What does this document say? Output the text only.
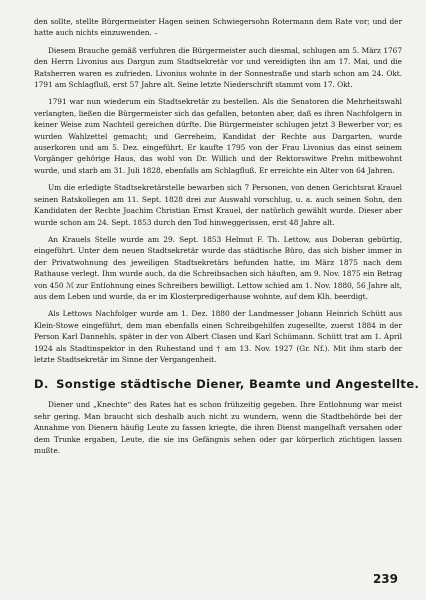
den sollte, stellte Bürgermeister Hagen seinen Schwiegersohn Rotermann dem Rate vor; und der hatte auch nichts einzuwenden. –

Diesem Brauche gemäß verfuhren die Bürgermeister auch diesmal, schlugen am 5. März 1767 den Herrn Livonius aus Dargun zum Stadtsekretär vor und vereidigten ihn am 17. Mai, und die Ratsherren waren es zufrieden. Livonius wohnte in der Sonnestraße und starb schon am 24. Okt. 1791 am Schlagfluß, erst 57 Jahre alt. Seine letzte Niederschrift stammt vom 17. Okt.

1791 war nun wiederum ein Stadtsekretär zu bestellen. Als die Senatoren die Mehrheitswahl verlangten, ließen die Bürgermeister sich das gefallen, betonten aber, daß es ihren Nachfolgern in keiner Weise zum Nachteil gereichen dürfte. Die Bürgermeister schlugen jetzt 3 Bewerber vor; es wurden Wahlzettel gemacht; und Gerreheim, Kandidat der Rechte aus Dargarten, wurde auserkoren und am 5. Dez. eingeführt. Er kaufte 1795 von der Frau Livonius das einst seinem Vorgänger gehörige Haus, das wohl von Dr. Willich und der Rektorswitwe Prehn mitbewohnt wurde, und starb am 31. Juli 1828, ebenfalls am Schlagfluß. Er erreichte ein Alter von 64 Jahren.

Um die erledigte Stadtsekretärstelle bewarben sich 7 Personen, von denen Gerichtsrat Krauel seinen Ratskollegen am 11. Sept. 1828 drei zur Auswahl vorschlug, u. a. auch seinen Sohn, den Kandidaten der Rechte Joachim Christian Ernst Krauel, der natürlich gewählt wurde. Dieser aber wurde schon am 24. Sept. 1853 durch den Tod hinweggerissen, erst 48 Jahre alt.

An Krauels Stelle wurde am 29. Sept. 1853 Helmut F. Th. Lettow, aus Doberan gebürtig, eingeführt. Unter dem neuen Stadtsekretär wurde das städtische Büro, das sich bisher immer in der Privatwohnung des jeweiligen Stadtsekretärs befunden hatte, im März 1875 nach dem Rathause verlegt. Ihm wurde auch, da die Schreibsachen sich häuften, am 9. Nov. 1875 ein Betrag von 450 ℳ zur Entlohnung eines Schreibers bewilligt. Lettow schied am 1. Nov. 1880, 56 Jahre alt, aus dem Leben und wurde, da er im Klosterpredigerhause wohnte, auf dem Klh. beerdigt.

Als Lettows Nachfolger wurde am 1. Dez. 1880 der Landmesser Johann Heinrich Schütt aus Klein-Stowe eingeführt, dem man ebenfalls einen Schreibgehilfen zugesellte, zuerst 1884 in der Person Karl Dannehls, später in der von Albert Clasen und Karl Schümann. Schütt trat am 1. April 1924 als Stadtinspektor in den Ruhestand und † am 13. Nov. 1927 (Gr. Nf.). Mit ihm starb der letzte Stadtsekretär im Sinne der Vergangenheit.

D. Sonstige städtische Diener, Beamte und Angestellte.

Diener und „Knechte“ des Rates hat es schon frühzeitig gegeben. Ihre Entlohnung war meist sehr gering. Man braucht sich deshalb auch nicht zu wundern, wenn die Stadtbehörde bei der Annahme von Dienern häufig Leute zu fassen kriegte, die ihren Dienst mangelhaft versahen oder dem Trunke ergaben, Leute, die sie ins Gefängnis sehen oder gar körperlich züchtigen lassen mußte.

239
